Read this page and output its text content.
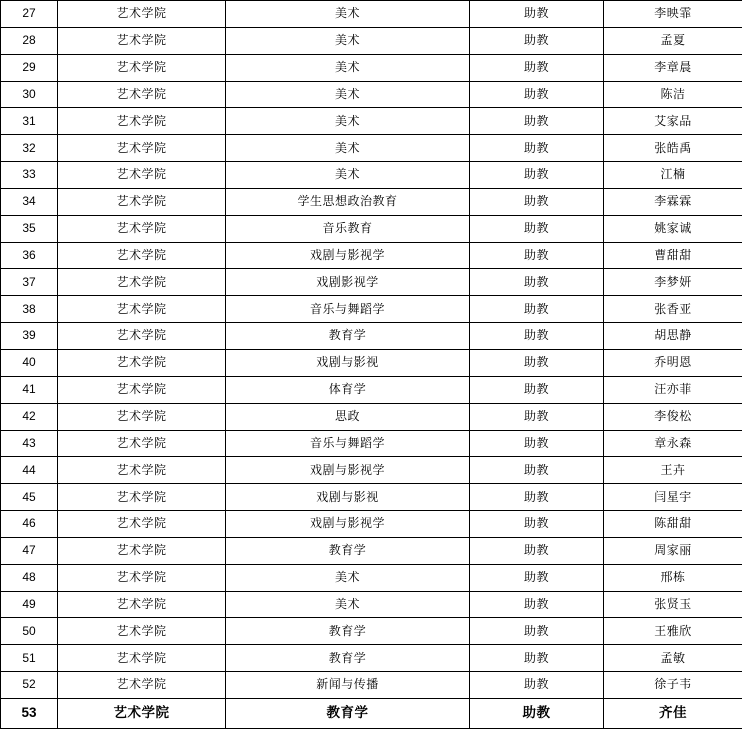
27	艺术学院	美术	助教	李映霏
28	艺术学院	美术	助教	孟夏
29	艺术学院	美术	助教	李章晨
30	艺术学院	美术	助教	陈洁
31	艺术学院	美术	助教	艾家品
32	艺术学院	美术	助教	张皓禹
33	艺术学院	美术	助教	江楠
34	艺术学院	学生思想政治教育	助教	李霖霖
35	艺术学院	音乐教育	助教	姚家诚
36	艺术学院	戏剧与影视学	助教	曹甜甜
37	艺术学院	戏剧影视学	助教	李梦妍
38	艺术学院	音乐与舞蹈学	助教	张香亚
39	艺术学院	教育学	助教	胡思静
40	艺术学院	戏剧与影视	助教	乔明恩
41	艺术学院	体育学	助教	汪亦菲
42	艺术学院	思政	助教	李俊松
43	艺术学院	音乐与舞蹈学	助教	章永森
44	艺术学院	戏剧与影视学	助教	王卉
45	艺术学院	戏剧与影视	助教	闫星宇
46	艺术学院	戏剧与影视学	助教	陈甜甜
47	艺术学院	教育学	助教	周家丽
48	艺术学院	美术	助教	邢栋
49	艺术学院	美术	助教	张贤玉
50	艺术学院	教育学	助教	王雅欣
51	艺术学院	教育学	助教	孟敏
52	艺术学院	新闻与传播	助教	徐子韦
53	艺术学院	教育学	助教	齐佳
